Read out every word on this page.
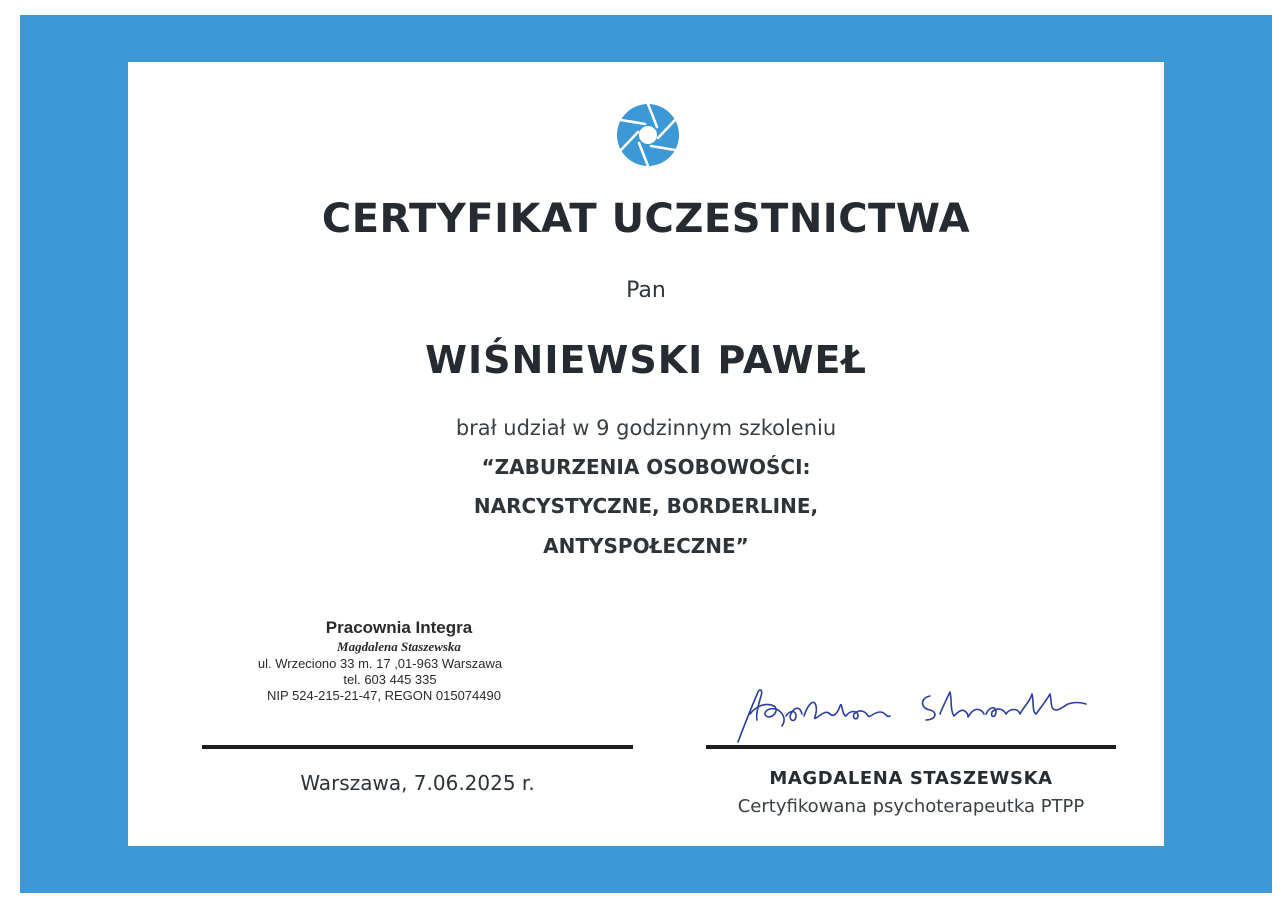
CERTYFIKAT UCZESTNICTWA
Pan
WIŚNIEWSKI PAWEŁ
brał udział w 9 godzinnym szkoleniu
“ZABURZENIA OSOBOWOŚCI:
NARCYSTYCZNE, BORDERLINE,
ANTYSPOŁECZNE”
Pracownia Integra
Magdalena Staszewska
ul. Wrzeciono 33 m. 17 ,01-963 Warszawa
tel. 603 445 335
NIP 524-215-21-47, REGON 015074490
Warszawa, 7.06.2025 r.	MAGDALENA STASZEWSKA
Certyfikowana psychoterapeutka PTPP
